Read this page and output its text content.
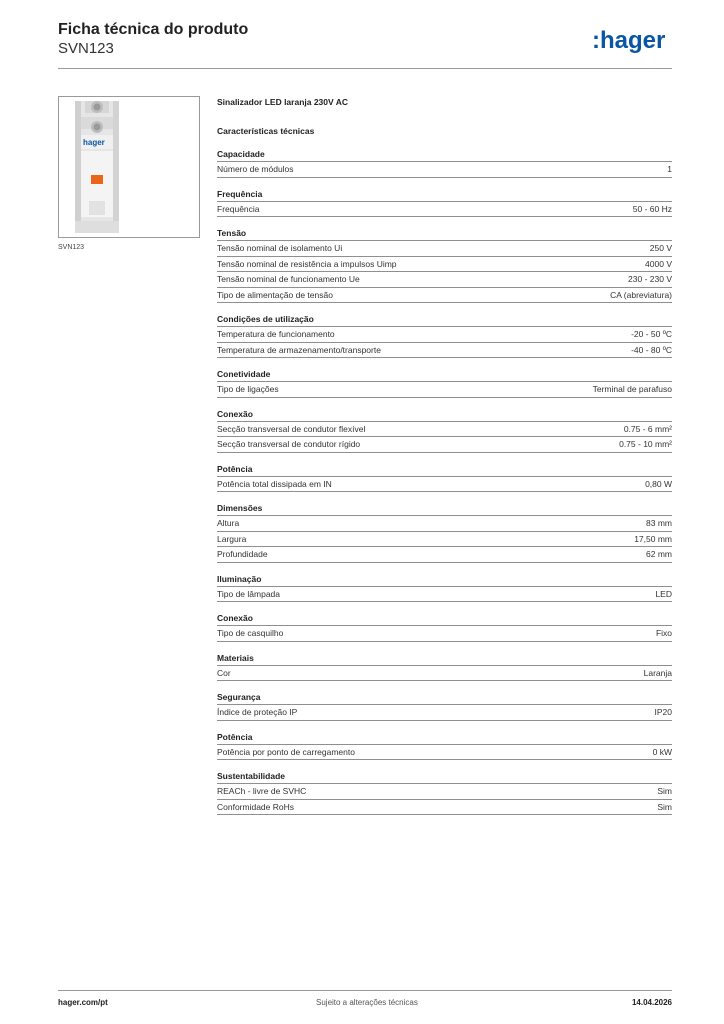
Ficha técnica do produto
SVN123	:hager
hager
SVN123
Sinalizador LED laranja 230V AC
Características técnicas
Capacidade
Número de módulos	1
Frequência
Frequência	50 - 60 Hz
Tensão
Tensão nominal de isolamento Ui	250 V
Tensão nominal de resistência a impulsos Uimp	4000 V
Tensão nominal de funcionamento Ue	230 - 230 V
Tipo de alimentação de tensão	CA (abreviatura)
Condições de utilização
Temperatura de funcionamento	-20 - 50 ºC
Temperatura de armazenamento/transporte	-40 - 80 ºC
Conetividade
Tipo de ligações	Terminal de parafuso
Conexão
Secção transversal de condutor flexível	0.75 - 6 mm²
Secção transversal de condutor rígido	0.75 - 10 mm²
Potência
Potência total dissipada em IN	0,80 W
Dimensões
Altura	83 mm
Largura	17,50 mm
Profundidade	62 mm
Iluminação
Tipo de lâmpada	LED
Conexão
Tipo de casquilho	Fixo
Materiais
Cor	Laranja
Segurança
Índice de proteção IP	IP20
Potência
Potência por ponto de carregamento	0 kW
Sustentabilidade
REACh - livre de SVHC	Sim
Conformidade RoHs	Sim
hager.com/pt	Sujeito a alterações técnicas	14.04.2026
